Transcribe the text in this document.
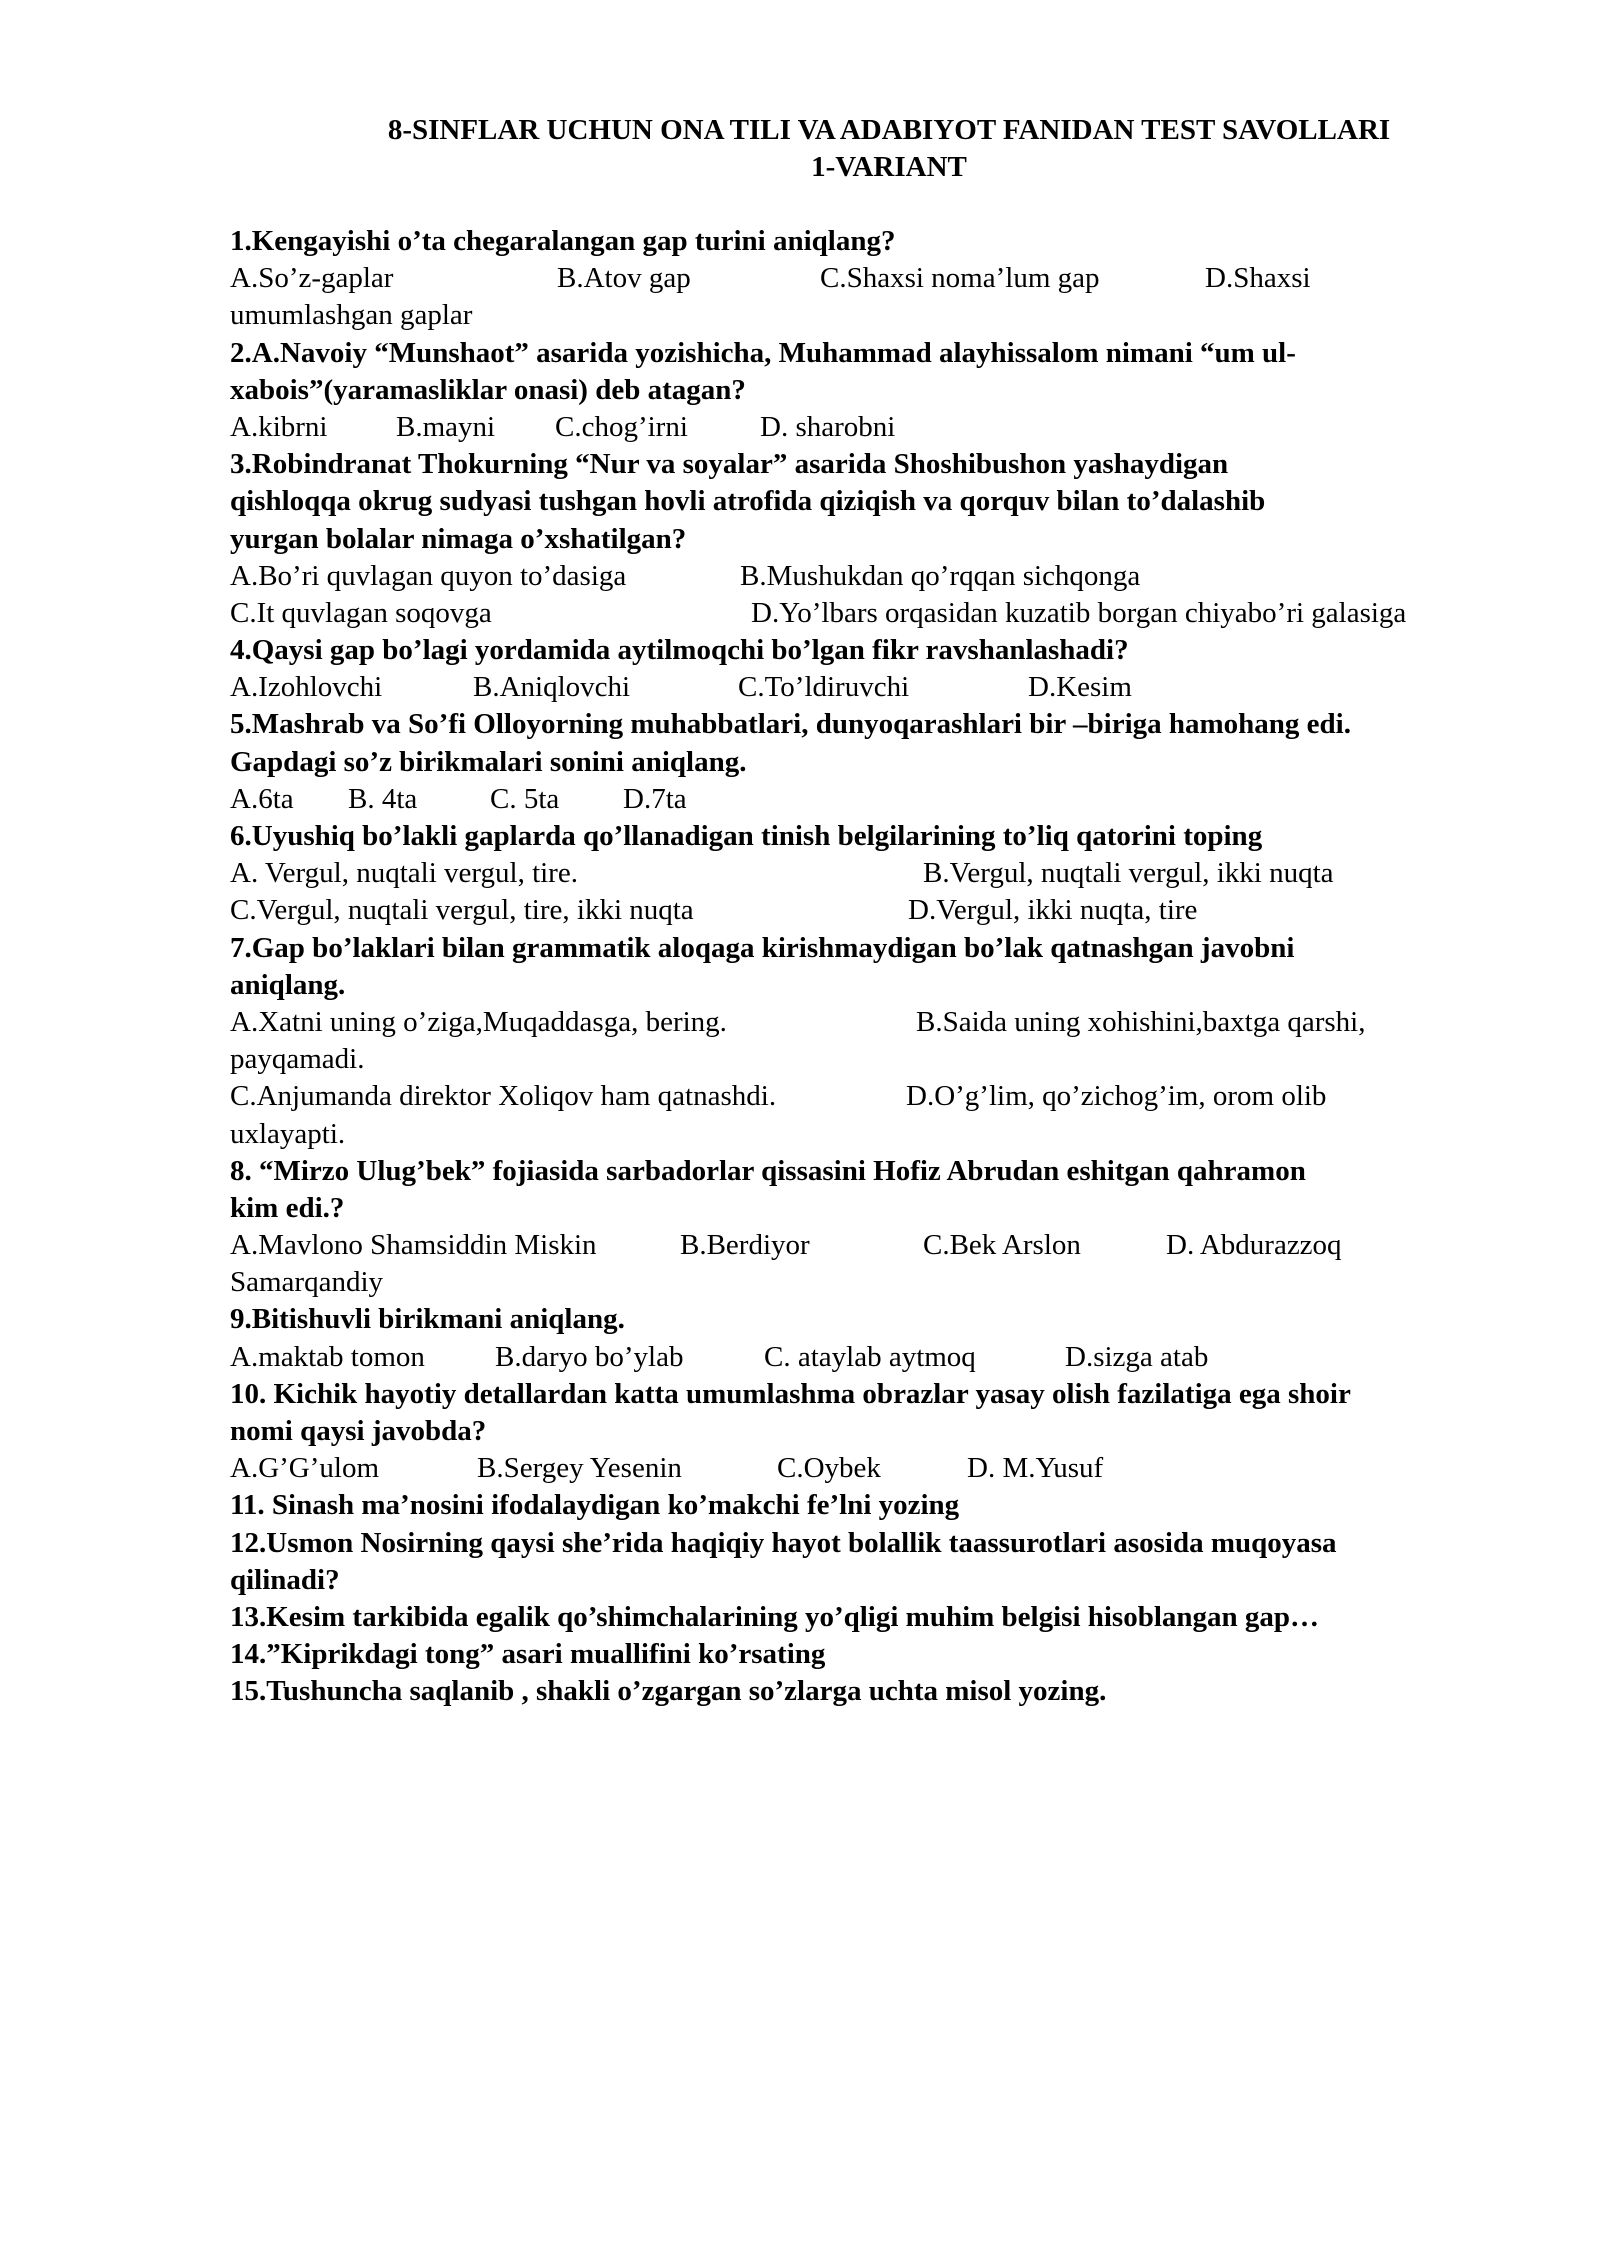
8-SINFLAR UCHUN ONA TILI VA ADABIYOT FANIDAN TEST SAVOLLARI
1-VARIANT
1.Kengayishi o’ta chegaralangan gap turini aniqlang?
A.So’z-gaplar	B.Atov gap	C.Shaxsi noma’lum gap	D.Shaxsi
umumlashgan gaplar
2.A.Navoiy “Munshaot” asarida yozishicha, Muhammad alayhissalom nimani “um ul-
xabois”(yaramasliklar onasi) deb atagan?
A.kibrni B.mayni C.chog’irni D. sharobni
3.Robindranat Thokurning “Nur va soyalar” asarida Shoshibushon yashaydigan
qishloqqa okrug sudyasi tushgan hovli atrofida qiziqish va qorquv bilan to’dalashib
yurgan bolalar nimaga o’xshatilgan?
A.Bo’ri quvlagan quyon to’dasiga	B.Mushukdan qo’rqqan sichqonga
C.It quvlagan soqovga	D.Yo’lbars orqasidan kuzatib borgan chiyabo’ri galasiga
4.Qaysi gap bo’lagi yordamida aytilmoqchi bo’lgan fikr ravshanlashadi?
A.Izohlovchi	B.Aniqlovchi	C.To’ldiruvchi	D.Kesim
5.Mashrab va So’fi Olloyorning muhabbatlari, dunyoqarashlari bir –biriga hamohang edi.
Gapdagi so’z birikmalari sonini aniqlang.
A.6ta B. 4ta	C. 5ta D.7ta
6.Uyushiq bo’lakli gaplarda qo’llanadigan tinish belgilarining to’liq qatorini toping
A. Vergul, nuqtali vergul, tire.	B.Vergul, nuqtali vergul, ikki nuqta
C.Vergul, nuqtali vergul, tire, ikki nuqta	D.Vergul, ikki nuqta, tire
7.Gap bo’laklari bilan grammatik aloqaga kirishmaydigan bo’lak qatnashgan javobni
aniqlang.
A.Xatni uning o’ziga,Muqaddasga, bering.	B.Saida uning xohishini,baxtga qarshi,
payqamadi.
C.Anjumanda direktor Xoliqov ham qatnashdi.	D.O’g’lim, qo’zichog’im, orom olib
uxlayapti.
8. “Mirzo Ulug’bek” fojiasida sarbadorlar qissasini Hofiz Abrudan eshitgan qahramon
kim edi.?
A.Mavlono Shamsiddin Miskin	B.Berdiyor	C.Bek Arslon	D. Abdurazzoq
Samarqandiy
9.Bitishuvli birikmani aniqlang.
A.maktab tomon B.daryo bo’ylab	C. ataylab aytmoq	D.sizga atab
10. Kichik hayotiy detallardan katta umumlashma obrazlar yasay olish fazilatiga ega shoir
nomi qaysi javobda?
A.G’G’ulom	B.Sergey Yesenin	C.Oybek	D. M.Yusuf
11. Sinash ma’nosini ifodalaydigan ko’makchi fe’lni yozing
12.Usmon Nosirning qaysi she’rida haqiqiy hayot bolallik taassurotlari asosida muqoyasa
qilinadi?
13.Kesim tarkibida egalik qo’shimchalarining yo’qligi muhim belgisi hisoblangan gap…
14.”Kiprikdagi tong” asari muallifini ko’rsating
15.Tushuncha saqlanib , shakli o’zgargan so’zlarga uchta misol yozing.
